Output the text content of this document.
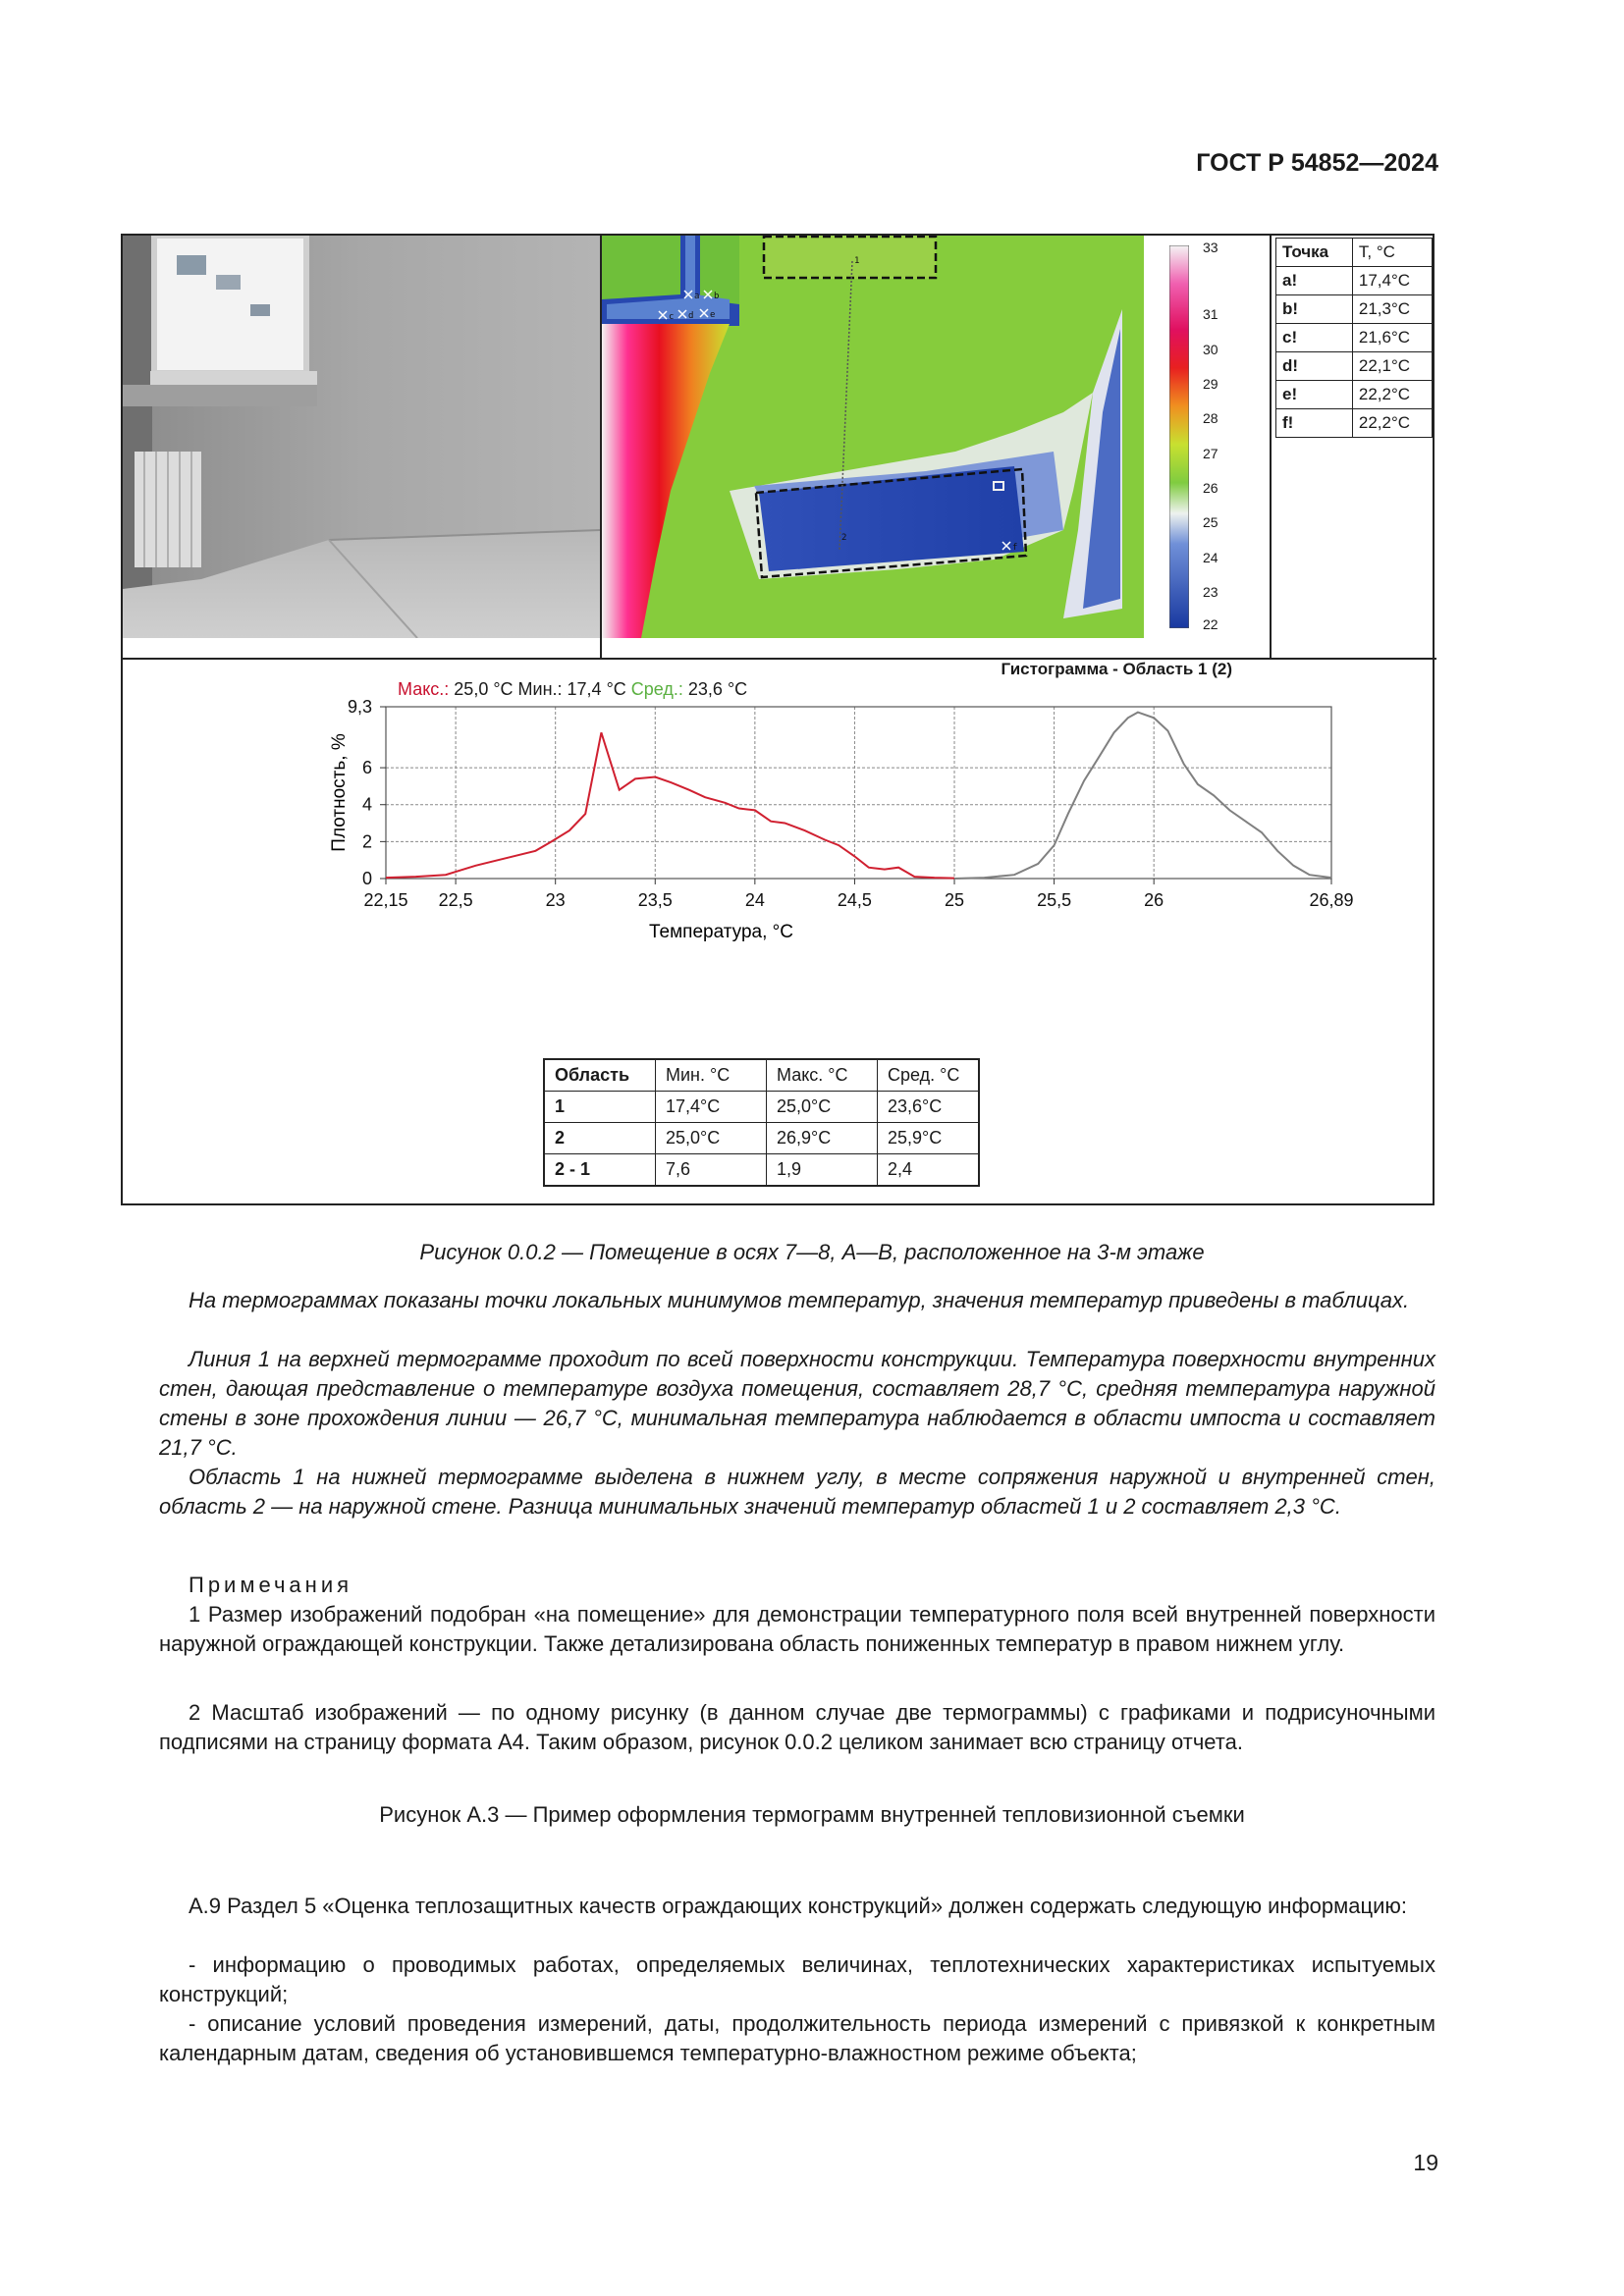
ГОСТ Р 54852—2024
a b
c d e
f
1
2
33
31
30
29
28
27
26
25
24
23
22
Точка	T, °C
a!	17,4°C
b!	21,3°C
c!	21,6°C
d!	22,1°C
e!	22,2°C
f!	22,2°C
Гистограмма - Область 1 (2)
Макс.: 25,0 °C Мин.: 17,4 °C Сред.: 23,6 °C
0
2
4
6
9,3
22,15 22,5	23	23,5	24	24,5	25	25,5	26	26,89
Плотность, %
Температура, °C
Область	Мин. °C	Макс. °C	Сред. °C
1	17,4°C	25,0°C	23,6°C
2	25,0°C	26,9°C	25,9°C
2 - 1	7,6	1,9	2,4
Рисунок 0.0.2 — Помещение в осях 7—8, А—В, расположенное на 3-м этаже
На термограммах показаны точки локальных минимумов температур, значения температур приведены в таблицах.
Линия 1 на верхней термограмме проходит по всей поверхности конструкции. Температура поверхности внутренних стен, дающая представление о температуре воздуха помещения, составляет 28,7 °С, средняя температура наружной стены в зоне прохождения линии — 26,7 °С, минимальная температура наблюдается в области импоста и составляет 21,7 °С.
Область 1 на нижней термограмме выделена в нижнем углу, в месте сопряжения наружной и внутренней стен, область 2 — на наружной стене. Разница минимальных значений температур областей 1 и 2 составляет 2,3 °С.
Примечания
1 Размер изображений подобран «на помещение» для демонстрации температурного поля всей внутренней поверхности наружной ограждающей конструкции. Также детализирована область пониженных температур в правом нижнем углу.
2 Масштаб изображений — по одному рисунку (в данном случае две термограммы) с графиками и подрисуночными подписями на страницу формата А4. Таким образом, рисунок 0.0.2 целиком занимает всю страницу отчета.
Рисунок А.3 — Пример оформления термограмм внутренней тепловизионной съемки
А.9 Раздел 5 «Оценка теплозащитных качеств ограждающих конструкций» должен содержать следующую информацию:
- информацию о проводимых работах, определяемых величинах, теплотехнических характеристиках испытуемых конструкций;
- описание условий проведения измерений, даты, продолжительность периода измерений с привязкой к конкретным календарным датам, сведения об установившемся температурно-влажностном режиме объекта;
19
